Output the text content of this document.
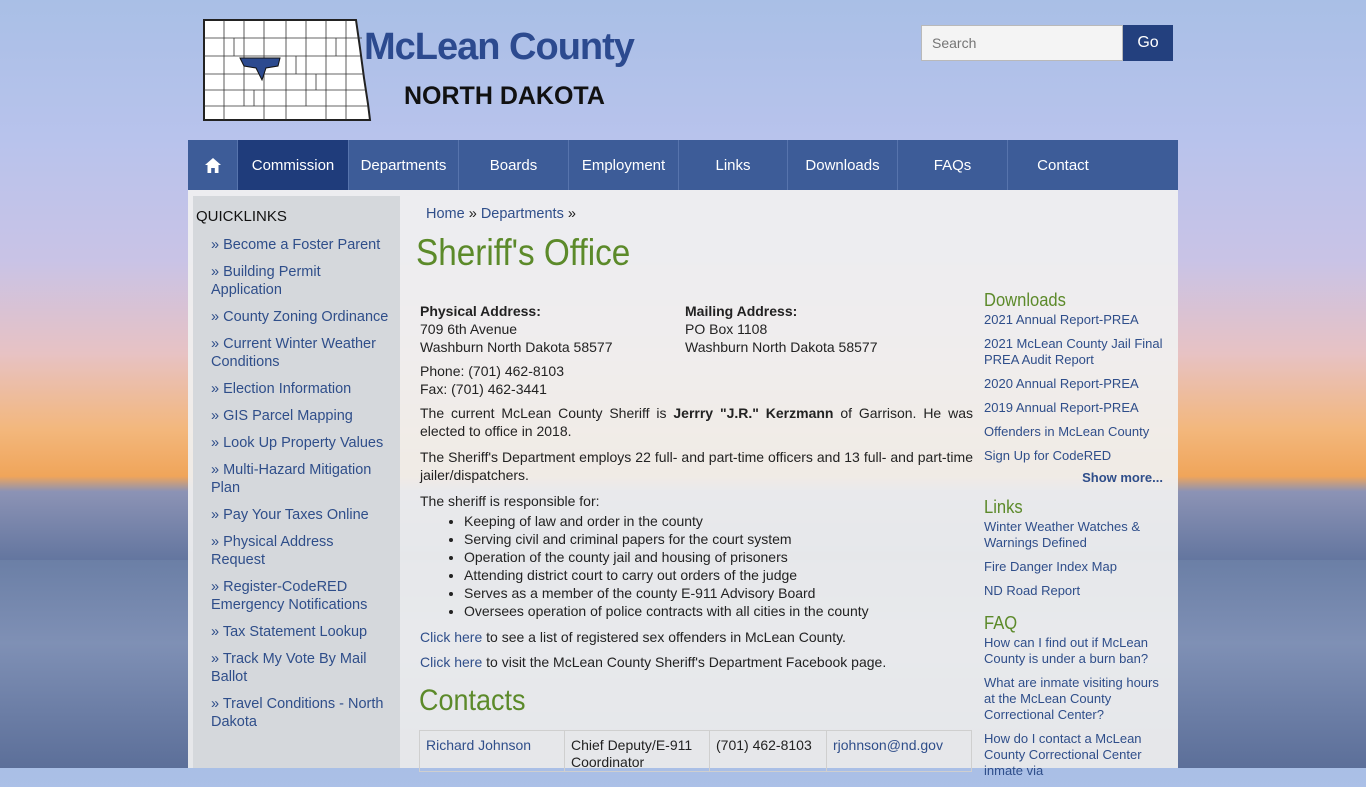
McLean County
NORTH DAKOTA
Search
Go
Commission	Departments	Boards	Employment	Links	Downloads	FAQs	Contact
QUICKLINKS
» Become a Foster Parent
» Building Permit Application
» County Zoning Ordinance
» Current Winter Weather Conditions
» Election Information
» GIS Parcel Mapping
» Look Up Property Values
» Multi-Hazard Mitigation Plan
» Pay Your Taxes Online
» Physical Address Request
» Register-CodeRED Emergency Notifications
» Tax Statement Lookup
» Track My Vote By Mail Ballot
» Travel Conditions - North Dakota
Home » Departments »
Sheriff's Office
Physical Address:
709 6th Avenue
Washburn North Dakota 58577
Phone: (701) 462-8103
Fax: (701) 462-3441
Mailing Address:
PO Box 1108
Washburn North Dakota 58577

The current McLean County Sheriff is Jerrry "J.R." Kerzmann of Garrison. He was elected to office in 2018.

The Sheriff's Department employs 22 full- and part-time officers and 13 full- and part-time jailer/dispatchers.

The sheriff is responsible for:

• Keeping of law and order in the county
• Serving civil and criminal papers for the court system
• Operation of the county jail and housing of prisoners
• Attending district court to carry out orders of the judge
• Serves as a member of the county E-911 Advisory Board
• Oversees operation of police contracts with all cities in the county

Click here to see a list of registered sex offenders in McLean County.

Click here to visit the McLean County Sheriff's Department Facebook page.

Contacts
Richard Johnson	Chief Deputy/E-911 Coordinator	(701) 462-8103	rjohnson@nd.gov
Downloads
2021 Annual Report-PREA
2021 McLean County Jail Final PREA Audit Report
2020 Annual Report-PREA
2019 Annual Report-PREA
Offenders in McLean County
Sign Up for CodeRED
Show more...
Links
Winter Weather Watches & Warnings Defined
Fire Danger Index Map
ND Road Report
FAQ
How can I find out if McLean County is under a burn ban?
What are inmate visiting hours at the McLean County Correctional Center?
How do I contact a McLean County Correctional Center inmate via
